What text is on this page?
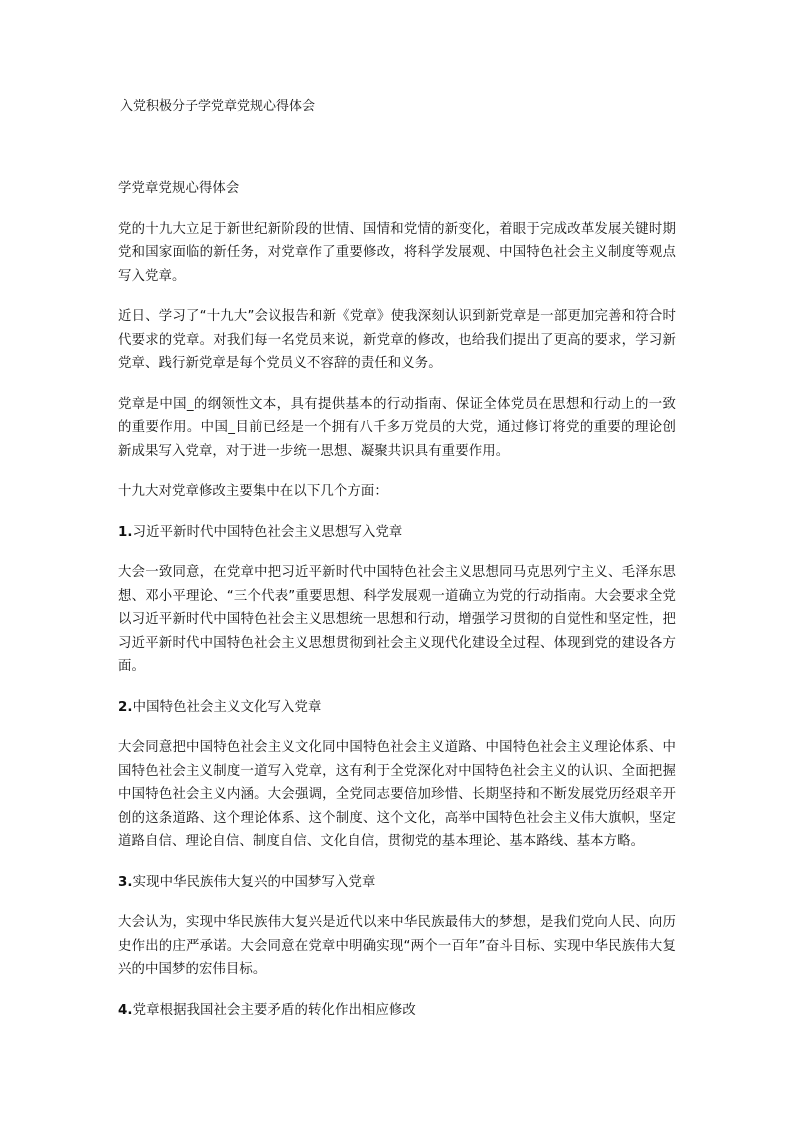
入党积极分子学党章党规心得体会

学党章党规心得体会

党的十九大立足于新世纪新阶段的世情、国情和党情的新变化，着眼于完成改革发展关键时期党和国家面临的新任务，对党章作了重要修改，将科学发展观、中国特色社会主义制度等观点写入党章。

近日、学习了“十九大”会议报告和新《党章》使我深刻认识到新党章是一部更加完善和符合时代要求的党章。对我们每一名党员来说，新党章的修改，也给我们提出了更高的要求，学习新党章、践行新党章是每个党员义不容辞的责任和义务。

党章是中国_的纲领性文本，具有提供基本的行动指南、保证全体党员在思想和行动上的一致的重要作用。中国_目前已经是一个拥有八千多万党员的大党，通过修订将党的重要的理论创新成果写入党章，对于进一步统一思想、凝聚共识具有重要作用。

十九大对党章修改主要集中在以下几个方面：

1.习近平新时代中国特色社会主义思想写入党章

大会一致同意，在党章中把习近平新时代中国特色社会主义思想同马克思列宁主义、毛泽东思想、邓小平理论、“三个代表”重要思想、科学发展观一道确立为党的行动指南。大会要求全党以习近平新时代中国特色社会主义思想统一思想和行动，增强学习贯彻的自觉性和坚定性，把习近平新时代中国特色社会主义思想贯彻到社会主义现代化建设全过程、体现到党的建设各方面。

2.中国特色社会主义文化写入党章

大会同意把中国特色社会主义文化同中国特色社会主义道路、中国特色社会主义理论体系、中国特色社会主义制度一道写入党章，这有利于全党深化对中国特色社会主义的认识、全面把握中国特色社会主义内涵。大会强调，全党同志要倍加珍惜、长期坚持和不断发展党历经艰辛开创的这条道路、这个理论体系、这个制度、这个文化，高举中国特色社会主义伟大旗帜，坚定道路自信、理论自信、制度自信、文化自信，贯彻党的基本理论、基本路线、基本方略。

3.实现中华民族伟大复兴的中国梦写入党章

大会认为，实现中华民族伟大复兴是近代以来中华民族最伟大的梦想，是我们党向人民、向历史作出的庄严承诺。大会同意在党章中明确实现“两个一百年”奋斗目标、实现中华民族伟大复兴的中国梦的宏伟目标。

4.党章根据我国社会主要矛盾的转化作出相应修改
